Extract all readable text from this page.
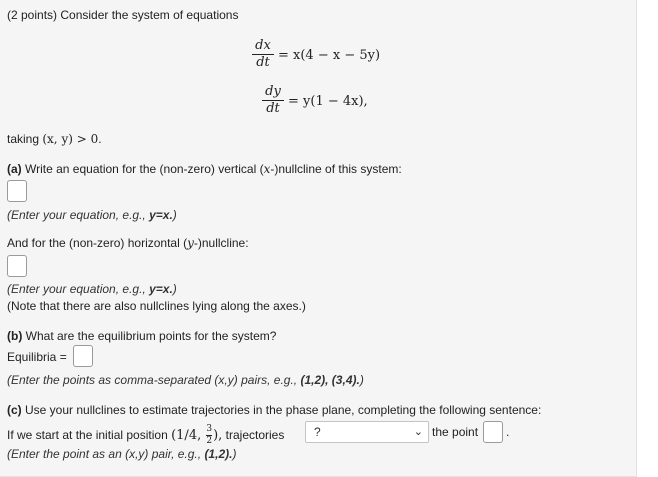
(2 points) Consider the system of equations
dx
dt = x(4 − x − 5y)
dy
dt = y(1 − 4x),
taking (x, y) > 0.
(a) Write an equation for the (non-zero) vertical (x-)nullcline of this system:
(Enter your equation, e.g., y=x.)
And for the (non-zero) horizontal (y-)nullcline:
(Enter your equation, e.g., y=x.)
(Note that there are also nullclines lying along the axes.)
(b) What are the equilibrium points for the system?
Equilibria =
(Enter the points as comma-separated (x,y) pairs, e.g., (1,2), (3,4).)
(c) Use your nullclines to estimate trajectories in the phase plane, completing the following sentence:
If we start at the initial position (1/4, $\frac{3}{2}$), trajectories	?	⌄ the point .
(Enter the point as an (x,y) pair, e.g., (1,2).)
